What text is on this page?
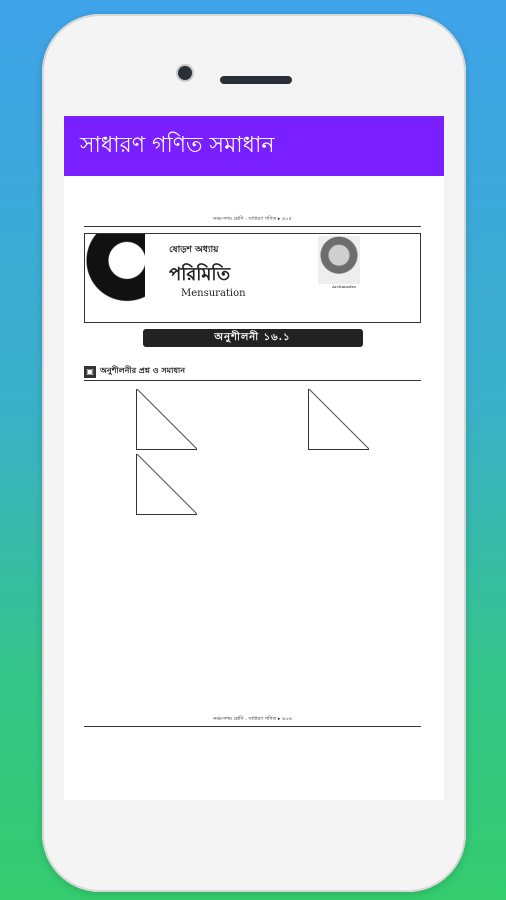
সাধারণ গণিত সমাধান
নবম-দশম শ্রেণি : সাধারণ গণিত ▸ ৪০৫
ষোড়শ অধ্যায়
পরিমিতি
Mensuration
Archimedes
অনুশীলনী ১৬.১
▣ অনুশীলনীর প্রশ্ন ও সমাধান
নবম-দশম শ্রেণি : সাধারণ গণিত ▸ ৪০৬
